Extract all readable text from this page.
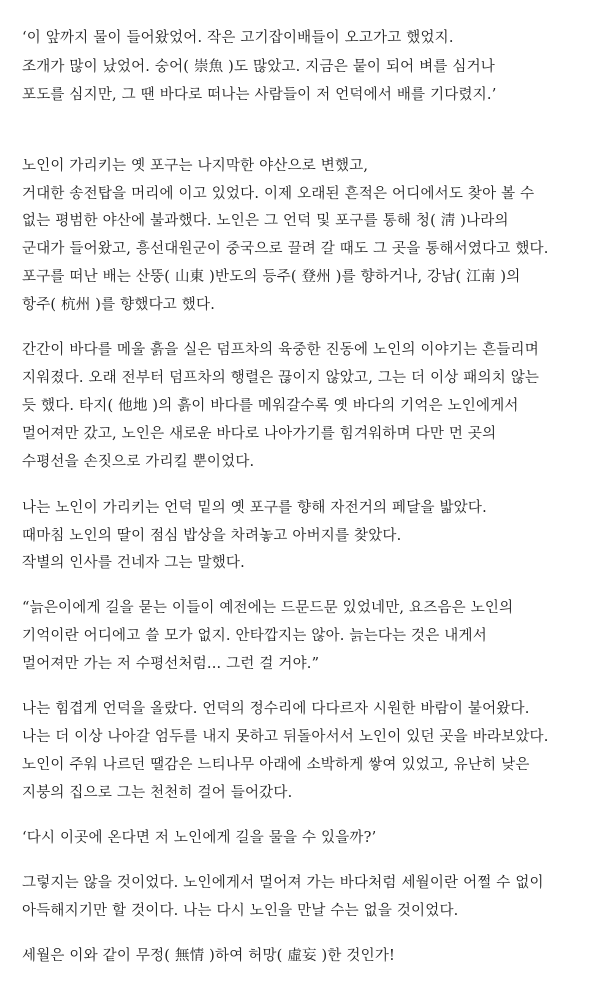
‘이 앞까지 물이 들어왔었어. 작은 고기잡이배들이 오고가고 했었지.
조개가 많이 났었어. 숭어( 崇魚 )도 많았고. 지금은 뭍이 되어 벼를 심거나
포도를 심지만, 그 땐 바다로 떠나는 사람들이 저 언덕에서 배를 기다렸지.’
노인이 가리키는 옛 포구는 나지막한 야산으로 변했고,
거대한 송전탑을 머리에 이고 있었다. 이제 오래된 흔적은 어디에서도 찾아 볼 수
없는 평범한 야산에 불과했다. 노인은 그 언덕 및 포구를 통해 청( 淸 )나라의
군대가 들어왔고, 흥선대원군이 중국으로 끌려 갈 때도 그 곳을 통해서였다고 했다.
포구를 떠난 배는 산뚱( 山東 )반도의 등주( 登州 )를 향하거나, 강남( 江南 )의
항주( 杭州 )를 향했다고 했다.
간간이 바다를 메울 흙을 실은 덤프차의 육중한 진동에 노인의 이야기는 흔들리며
지워졌다. 오래 전부터 덤프차의 행렬은 끊이지 않았고, 그는 더 이상 패의치 않는
듯 했다. 타지( 他地 )의 흙이 바다를 메워갈수록 옛 바다의 기억은 노인에게서
멀어져만 갔고, 노인은 새로운 바다로 나아가기를 힘겨워하며 다만 먼 곳의
수평선을 손짓으로 가리킬 뿐이었다.
나는 노인이 가리키는 언덕 밑의 옛 포구를 향해 자전거의 페달을 밟았다.
때마침 노인의 딸이 점심 밥상을 차려놓고 아버지를 찾았다.
작별의 인사를 건네자 그는 말했다.
“늙은이에게 길을 묻는 이들이 예전에는 드문드문 있었네만, 요즈음은 노인의
기억이란 어디에고 쓸 모가 없지. 안타깝지는 않아. 늙는다는 것은 내게서
멀어져만 가는 저 수평선처럼... 그런 걸 거야.”
나는 힘겹게 언덕을 올랐다. 언덕의 정수리에 다다르자 시원한 바람이 불어왔다.
나는 더 이상 나아갈 엄두를 내지 못하고 뒤돌아서서 노인이 있던 곳을 바라보았다.
노인이 주워 나르던 땔감은 느티나무 아래에 소박하게 쌓여 있었고, 유난히 낮은
지붕의 집으로 그는 천천히 걸어 들어갔다.
‘다시 이곳에 온다면 저 노인에게 길을 물을 수 있을까?’
그렇지는 않을 것이었다. 노인에게서 멀어져 가는 바다처럼 세월이란 어쩔 수 없이
아득해지기만 할 것이다. 나는 다시 노인을 만날 수는 없을 것이었다.
세월은 이와 같이 무정( 無情 )하여 허망( 虛妄 )한 것인가!
